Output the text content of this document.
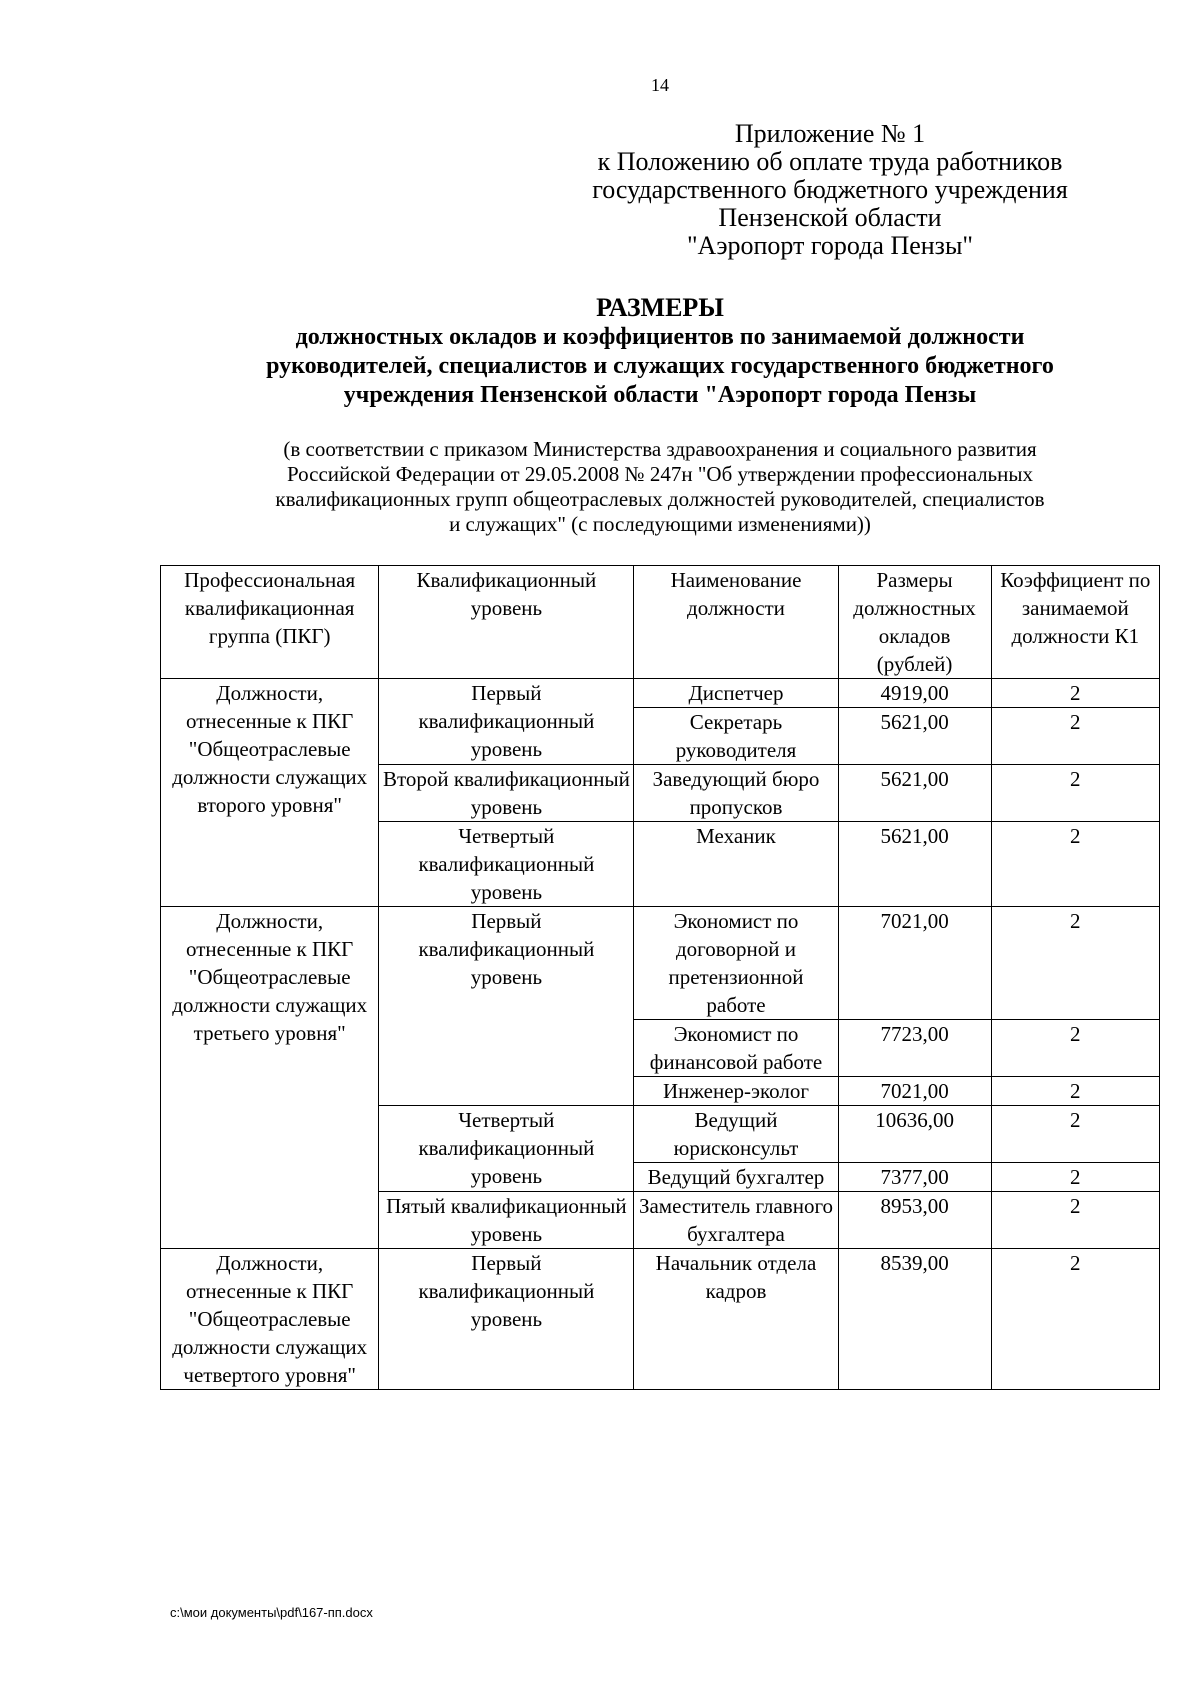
14
Приложение № 1
к Положению об оплате труда работников
государственного бюджетного учреждения
Пензенской области
"Аэропорт города Пензы"
РАЗМЕРЫ
должностных окладов и коэффициентов по занимаемой должности
руководителей, специалистов и служащих государственного бюджетного
учреждения Пензенской области "Аэропорт города Пензы
(в соответствии с приказом Министерства здравоохранения и социального развития
Российской Федерации от 29.05.2008 № 247н "Об утверждении профессиональных
квалификационных групп общеотраслевых должностей руководителей, специалистов
и служащих" (с последующими изменениями))
Профессиональная квалификационная группа (ПКГ)	Квалификационный уровень	Наименование должности	Размеры должностных окладов (рублей)	Коэффициент по занимаемой должности К1
Должности, отнесенные к ПКГ "Общеотраслевые должности служащих второго уровня"	Первый квалификационный уровень	Диспетчер	4919,00	2
		Секретарь руководителя	5621,00	2
	Второй квалификационный уровень	Заведующий бюро пропусков	5621,00	2
	Четвертый квалификационный уровень	Механик	5621,00	2
Должности, отнесенные к ПКГ "Общеотраслевые должности служащих третьего уровня"	Первый квалификационный уровень	Экономист по договорной и претензионной работе	7021,00	2
		Экономист по финансовой работе	7723,00	2
		Инженер-эколог	7021,00	2
	Четвертый квалификационный уровень	Ведущий юрисконсульт	10636,00	2
		Ведущий бухгалтер	7377,00	2
	Пятый квалификационный уровень	Заместитель главного бухгалтера	8953,00	2
Должности, отнесенные к ПКГ "Общеотраслевые должности служащих четвертого уровня"	Первый квалификационный уровень	Начальник отдела кадров	8539,00	2
c:\мои документы\pdf\167-пп.docx
